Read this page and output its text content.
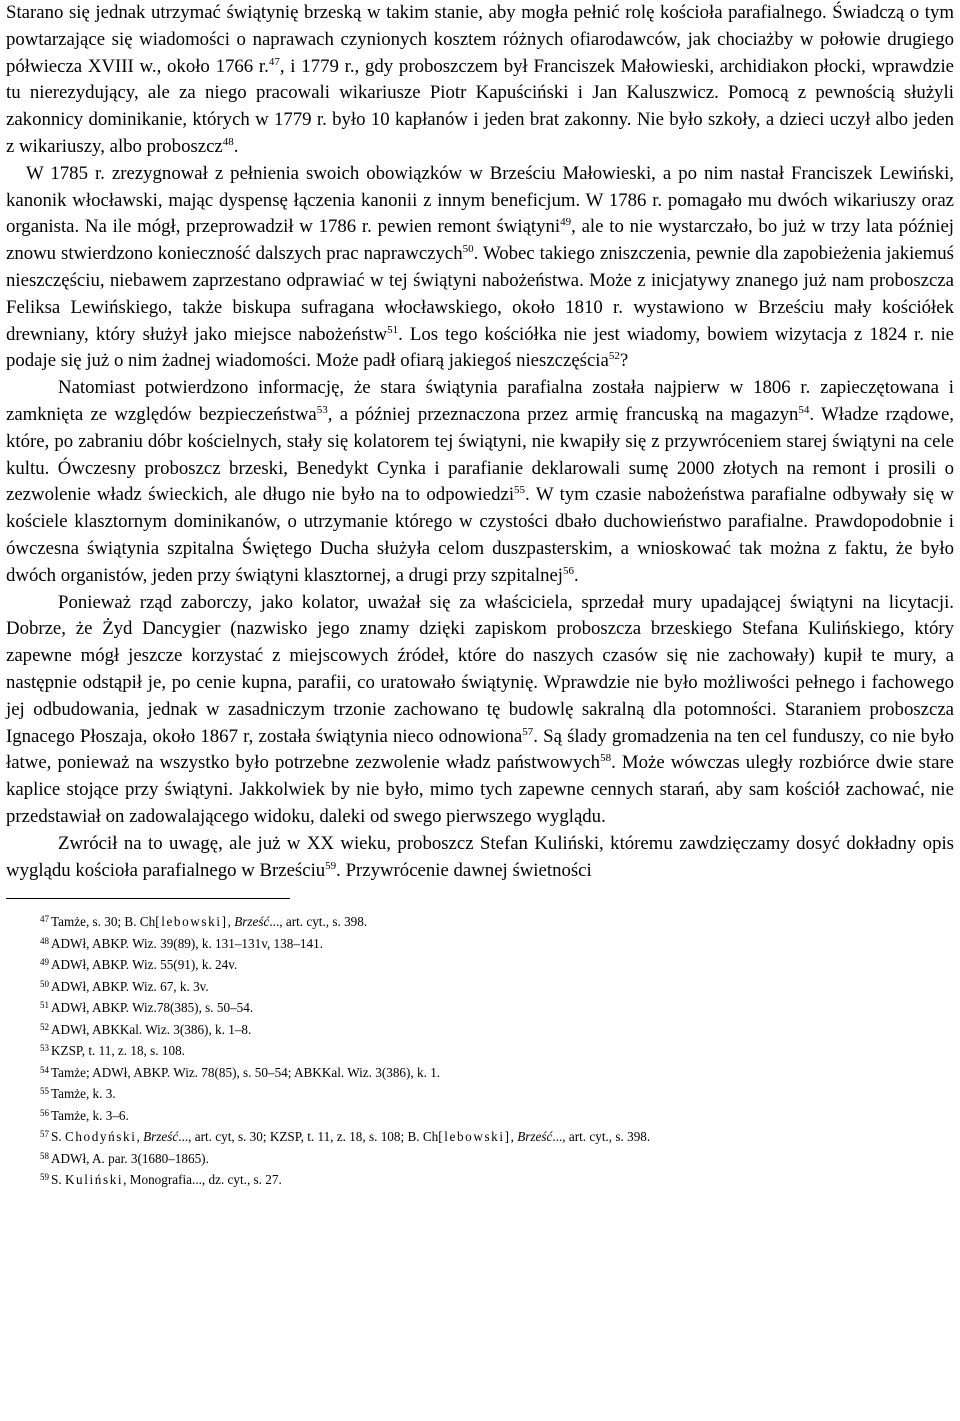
Starano się jednak utrzymać świątynię brzeską w takim stanie, aby mogła pełnić rolę kościoła parafialnego. Świadczą o tym powtarzające się wiadomości o naprawach czynionych kosztem różnych ofiarodawców, jak chociażby w połowie drugiego półwiecza XVIII w., około 1766 r.$^{47}$, i 1779 r., gdy proboszczem był Franciszek Małowieski, archidiakon płocki, wprawdzie tu nierezydujący, ale za niego pracowali wikariusze Piotr Kapuściński i Jan Kaluszwicz. Pomocą z pewnością służyli zakonnicy dominikanie, których w 1779 r. było 10 kapłanów i jeden brat zakonny. Nie było szkoły, a dzieci uczył albo jeden z wikariuszy, albo proboszcz$^{48}$.

W 1785 r. zrezygnował z pełnienia swoich obowiązków w Brześciu Małowieski, a po nim nastał Franciszek Lewiński, kanonik włocławski, mając dyspensę łączenia kanonii z innym beneficjum. W 1786 r. pomagało mu dwóch wikariuszy oraz organista. Na ile mógł, przeprowadził w 1786 r. pewien remont świątyni$^{49}$, ale to nie wystarczało, bo już w trzy lata później znowu stwierdzono konieczność dalszych prac naprawczych$^{50}$. Wobec takiego zniszczenia, pewnie dla zapobieżenia jakiemuś nieszczęściu, niebawem zaprzestano odprawiać w tej świątyni nabożeństwa. Może z inicjatywy znanego już nam proboszcza Feliksa Lewińskiego, także biskupa sufragana włocławskiego, około 1810 r. wystawiono w Brześciu mały kościółek drewniany, który służył jako miejsce nabożeństw$^{51}$. Los tego kościółka nie jest wiadomy, bowiem wizytacja z 1824 r. nie podaje się już o nim żadnej wiadomości. Może padł ofiarą jakiegoś nieszczęścia$^{52}$?

Natomiast potwierdzono informację, że stara świątynia parafialna została najpierw w 1806 r. zapieczętowana i zamknięta ze względów bezpieczeństwa$^{53}$, a później przeznaczona przez armię francuską na magazyn$^{54}$. Władze rządowe, które, po zabraniu dóbr kościelnych, stały się kolatorem tej świątyni, nie kwapiły się z przywróceniem starej świątyni na cele kultu. Ówczesny proboszcz brzeski, Benedykt Cynka i parafianie deklarowali sumę 2000 złotych na remont i prosili o zezwolenie władz świeckich, ale długo nie było na to odpowiedzi$^{55}$. W tym czasie nabożeństwa parafialne odbywały się w kościele klasztornym dominikanów, o utrzymanie którego w czystości dbało duchowieństwo parafialne. Prawdopodobnie i ówczesna świątynia szpitalna Świętego Ducha służyła celom duszpasterskim, a wnioskować tak można z faktu, że było dwóch organistów, jeden przy świątyni klasztornej, a drugi przy szpitalnej$^{56}$.

Ponieważ rząd zaborczy, jako kolator, uważał się za właściciela, sprzedał mury upadającej świątyni na licytacji. Dobrze, że Żyd Dancygier (nazwisko jego znamy dzięki zapiskom proboszcza brzeskiego Stefana Kulińskiego, który zapewne mógł jeszcze korzystać z miejscowych źródeł, które do naszych czasów się nie zachowały) kupił te mury, a następnie odstąpił je, po cenie kupna, parafii, co uratowało świątynię. Wprawdzie nie było możliwości pełnego i fachowego jej odbudowania, jednak w zasadniczym trzonie zachowano tę budowlę sakralną dla potomności. Staraniem proboszcza Ignacego Płoszaja, około 1867 r, została świątynia nieco odnowiona$^{57}$. Są ślady gromadzenia na ten cel funduszy, co nie było łatwe, ponieważ na wszystko było potrzebne zezwolenie władz państwowych$^{58}$. Może wówczas uległy rozbiórce dwie stare kaplice stojące przy świątyni. Jakkolwiek by nie było, mimo tych zapewne cennych starań, aby sam kościół zachować, nie przedstawiał on zadowalającego widoku, daleki od swego pierwszego wyglądu.

Zwrócił na to uwagę, ale już w XX wieku, proboszcz Stefan Kuliński, któremu zawdzięczamy dosyć dokładny opis wyglądu kościoła parafialnego w Brześciu$^{59}$. Przywrócenie dawnej świetności

$^{47}$ Tamże, s. 30; B. Ch[lebowski], Brześć..., art. cyt., s. 398.

$^{48}$ ADWł, ABKP. Wiz. 39(89), k. 131–131v, 138–141.

$^{49}$ ADWł, ABKP. Wiz. 55(91), k. 24v.

$^{50}$ ADWł, ABKP. Wiz. 67, k. 3v.

$^{51}$ ADWł, ABKP. Wiz.78(385), s. 50–54.

$^{52}$ ADWł, ABKKal. Wiz. 3(386), k. 1–8.

$^{53}$ KZSP, t. 11, z. 18, s. 108.

$^{54}$ Tamże; ADWł, ABKP. Wiz. 78(85), s. 50–54; ABKKal. Wiz. 3(386), k. 1.

$^{55}$ Tamże, k. 3.

$^{56}$ Tamże, k. 3–6.

$^{57}$ S. Chodyński, Brześć..., art. cyt, s. 30; KZSP, t. 11, z. 18, s. 108; B. Ch[lebowski], Brześć..., art. cyt., s. 398.

$^{58}$ ADWł, A. par. 3(1680–1865).

$^{59}$ S. Kuliński, Monografia..., dz. cyt., s. 27.
